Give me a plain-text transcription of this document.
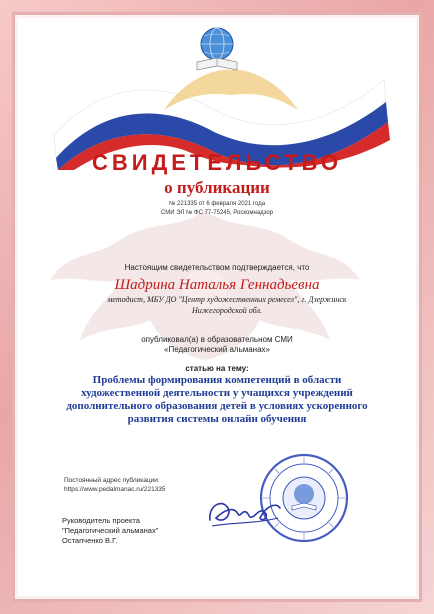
СВИДЕТЕЛЬСТВО
о публикации
№ 221335 от 6 февраля 2021 года
СМИ ЭЛ № ФС 77-75245, Роскомнадзор
Настоящим свидетельством подтверждается, что
Шадрина Наталья Геннадьевна
методист, МБУ ДО "Центр художественных ремесел", г. Дзержинск
Нижегородской обл.
опубликовал(а) в образовательном СМИ
«Педагогический альманах»
статью на тему:
Проблемы формирования компетенций в области художественной деятельности у учащихся учреждений дополнительного образования детей в условиях ускоренного развития системы онлайн обучения
Постоянный адрес публикации:
https://www.pedalmanac.ru/221335
Руководитель проекта
"Педагогический альманах"
Остапченко В.Г.
